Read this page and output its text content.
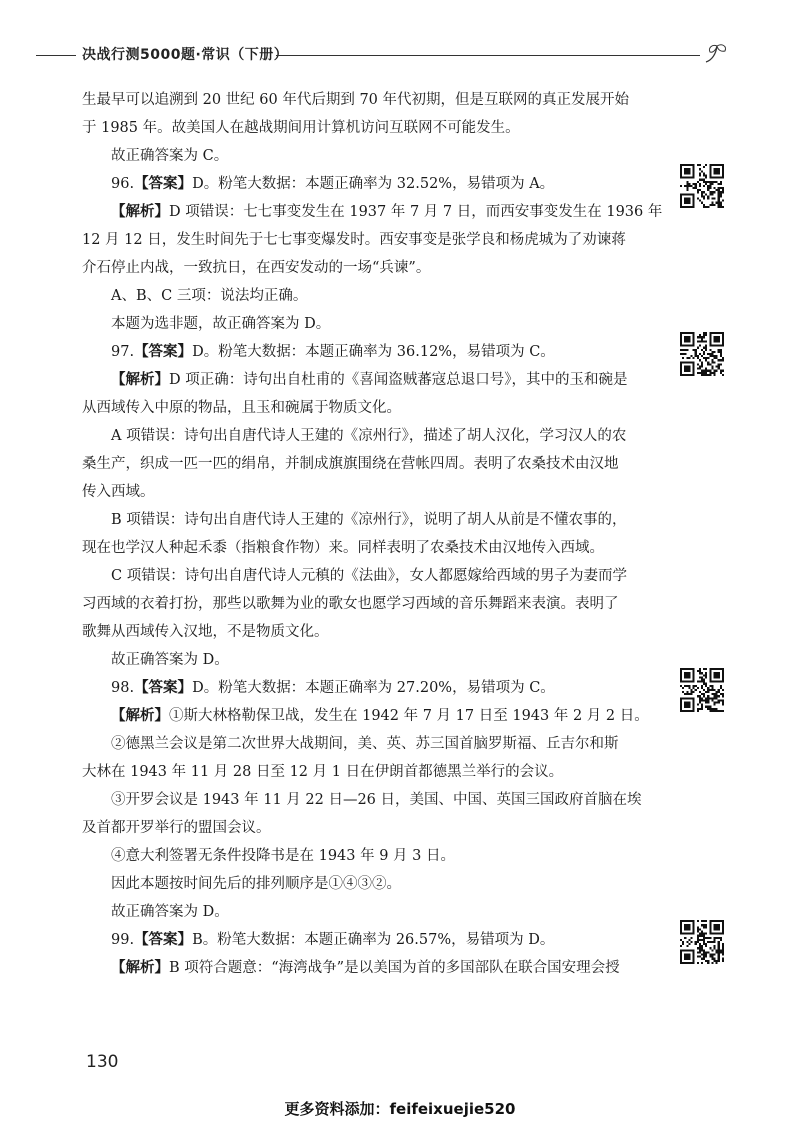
决战行测5000题·常识（下册）
生最早可以追溯到 20 世纪 60 年代后期到 70 年代初期，但是互联网的真正发展开始
于 1985 年。故美国人在越战期间用计算机访问互联网不可能发生。
故正确答案为 C。
96.【答案】D。粉笔大数据：本题正确率为 32.52%，易错项为 A。
【解析】D 项错误：七七事变发生在 1937 年 7 月 7 日，而西安事变发生在 1936 年
12 月 12 日，发生时间先于七七事变爆发时。西安事变是张学良和杨虎城为了劝谏蒋
介石停止内战，一致抗日，在西安发动的一场“兵谏”。
A、B、C 三项：说法均正确。
本题为选非题，故正确答案为 D。
97.【答案】D。粉笔大数据：本题正确率为 36.12%，易错项为 C。
【解析】D 项正确：诗句出自杜甫的《喜闻盗贼蕃寇总退口号》，其中的玉和碗是
从西域传入中原的物品，且玉和碗属于物质文化。
A 项错误：诗句出自唐代诗人王建的《凉州行》，描述了胡人汉化，学习汉人的农
桑生产，织成一匹一匹的绢帛，并制成旗旗围绕在营帐四周。表明了农桑技术由汉地
传入西域。
B 项错误：诗句出自唐代诗人王建的《凉州行》，说明了胡人从前是不懂农事的，
现在也学汉人种起禾黍（指粮食作物）来。同样表明了农桑技术由汉地传入西域。
C 项错误：诗句出自唐代诗人元稹的《法曲》，女人都愿嫁给西域的男子为妻而学
习西域的衣着打扮，那些以歌舞为业的歌女也愿学习西域的音乐舞蹈来表演。表明了
歌舞从西域传入汉地，不是物质文化。
故正确答案为 D。
98.【答案】D。粉笔大数据：本题正确率为 27.20%，易错项为 C。
【解析】①斯大林格勒保卫战，发生在 1942 年 7 月 17 日至 1943 年 2 月 2 日。
②德黑兰会议是第二次世界大战期间，美、英、苏三国首脑罗斯福、丘吉尔和斯
大林在 1943 年 11 月 28 日至 12 月 1 日在伊朗首都德黑兰举行的会议。
③开罗会议是 1943 年 11 月 22 日—26 日，美国、中国、英国三国政府首脑在埃
及首都开罗举行的盟国会议。
④意大利签署无条件投降书是在 1943 年 9 月 3 日。
因此本题按时间先后的排列顺序是①④③②。
故正确答案为 D。
99.【答案】B。粉笔大数据：本题正确率为 26.57%，易错项为 D。
【解析】B 项符合题意：“海湾战争”是以美国为首的多国部队在联合国安理会授
130
更多资料添加：feifeixuejie520
